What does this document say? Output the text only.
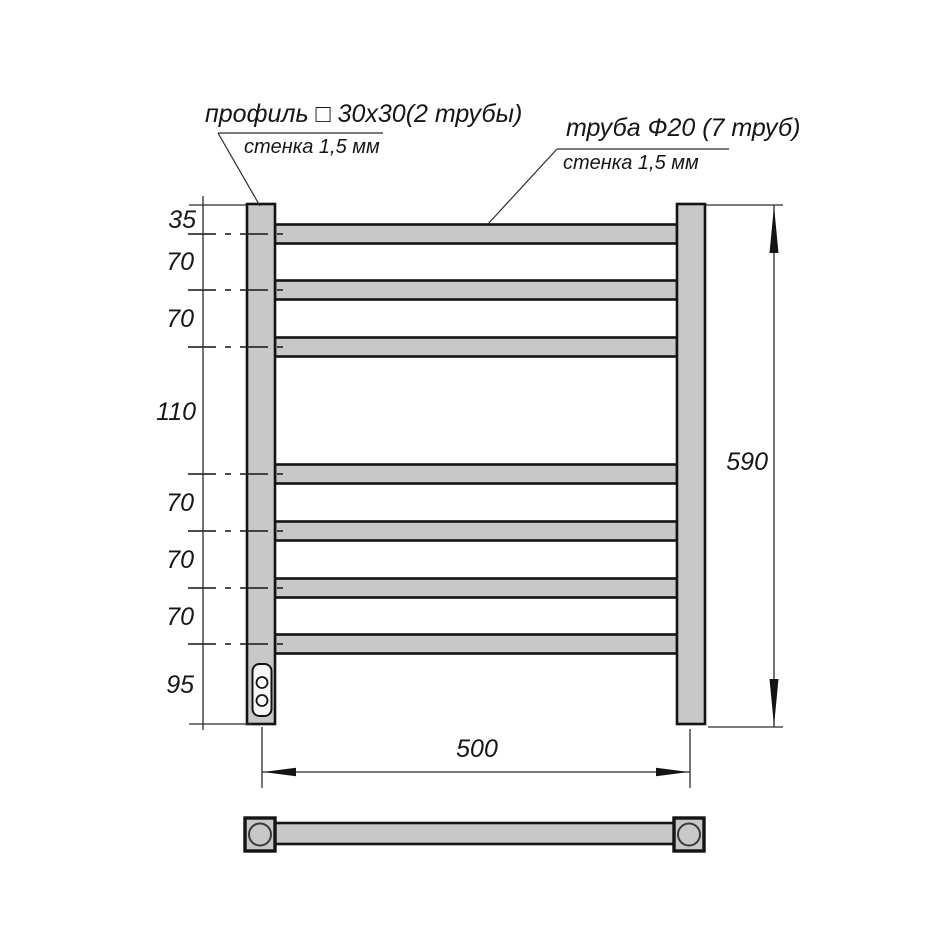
35
70
70
110
70
70
70
95
590
500
профиль □ 30х30(2 трубы)
стенка 1,5 мм
труба Ф20 (7 труб)
стенка 1,5 мм
